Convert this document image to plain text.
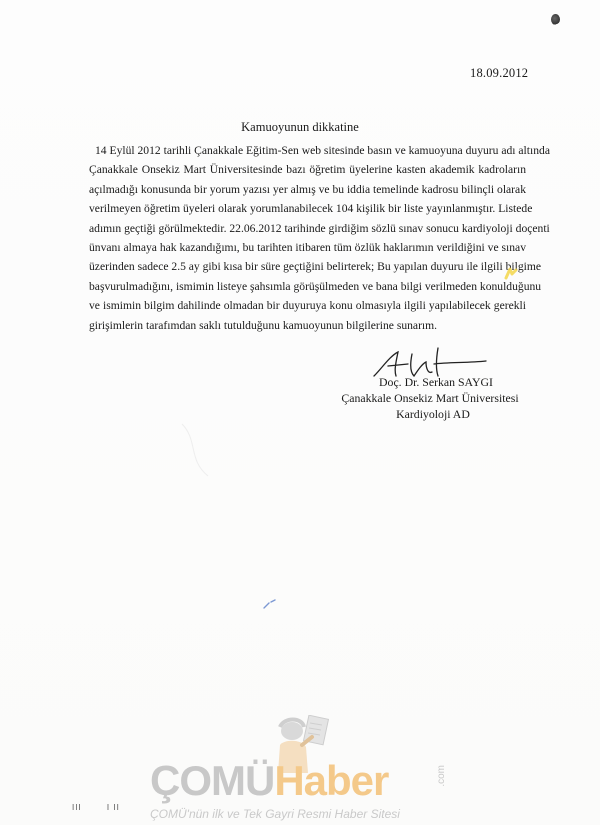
18.09.2012
Kamuoyunun dikkatine
14 Eylül 2012 tarihli Çanakkale Eğitim-Sen web sitesinde basın ve kamuoyuna duyuru adı altında
Çanakkale Onsekiz Mart Üniversitesinde bazı öğretim üyelerine kasten akademik kadroların
açılmadığı konusunda bir yorum yazısı yer almış ve bu iddia temelinde kadrosu bilinçli olarak
verilmeyen öğretim üyeleri olarak yorumlanabilecek 104 kişilik bir liste yayınlanmıştır. Listede
adımın geçtiği görülmektedir. 22.06.2012 tarihinde girdiğim sözlü sınav sonucu kardiyoloji doçenti
ünvanı almaya hak kazandığımı, bu tarihten itibaren tüm özlük haklarımın verildiğini ve sınav
üzerinden sadece 2.5 ay gibi kısa bir süre geçtiğini belirterek; Bu yapılan duyuru ile ilgili bilgime
başvurulmadığını, ismimin listeye şahsımla görüşülmeden ve bana bilgi verilmeden konulduğunu
ve ismimin bilgim dahilinde olmadan bir duyuruya konu olmasıyla ilgili yapılabilecek gerekli
girişimlerin tarafımdan saklı tutulduğunu kamuoyunun bilgilerine sunarım.
Doç. Dr. Serkan SAYGI
Çanakkale Onsekiz Mart Üniversitesi
Kardiyoloji AD
ÇOMÜHaber	.com
ÇOMÜ'nün ilk ve Tek Gayri Resmi Haber Sitesi
III	I II
